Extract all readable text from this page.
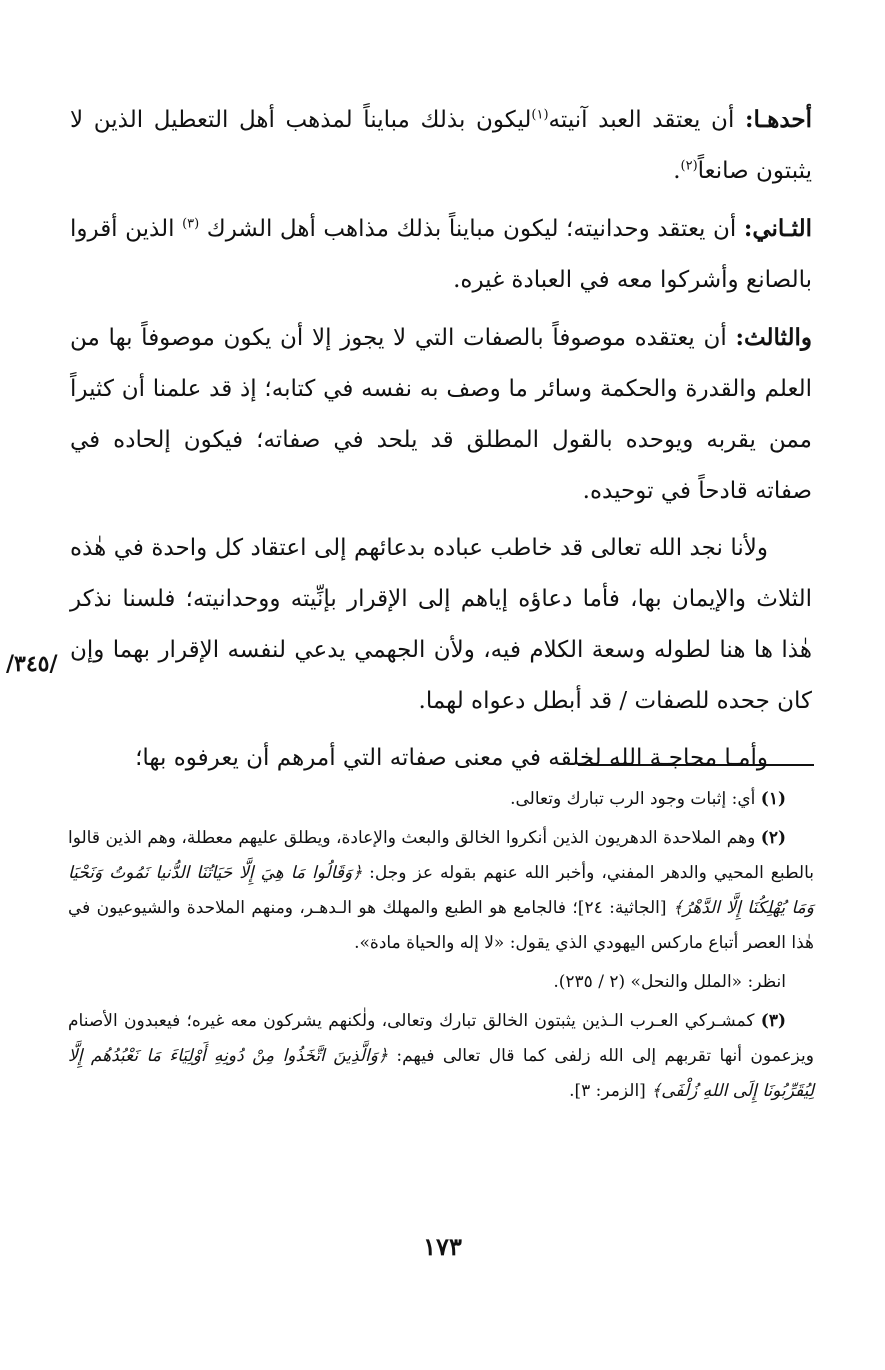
أحدهـا: أن يعتقد العبد آنيته$^{(١)}$ليكون بذلك مبايناً لمذهب أهل التعطيل الذين لا يثبتون صانعاً$^{(٢)}$.

الثـاني: أن يعتقد وحدانيته؛ ليكون مبايناً بذلك مذاهب أهل الشرك $^{(٣)}$ الذين أقروا بالصانع وأشركوا معه في العبادة غيره.

والثالث: أن يعتقده موصوفاً بالصفات التي لا يجوز إلا أن يكون موصوفاً بها من العلم والقدرة والحكمة وسائر ما وصف به نفسه في كتابه؛ إذ قد علمنا أن كثيراً ممن يقربه ويوحده بالقول المطلق قد يلحد في صفاته؛ فيكون إلحاده في صفاته قادحاً في توحيده.

ولأنا نجد الله تعالى قد خاطب عباده بدعائهم إلى اعتقاد كل واحدة في هٰذه الثلاث والإيمان بها، فأما دعاؤه إياهم إلى الإقرار بإنِّيته ووحدانيته؛ فلسنا نذكر هٰذا ها هنا لطوله وسعة الكلام فيه، ولأن الجهمي يدعي لنفسه الإقرار بهما وإن كان جحده للصفات / قد أبطل دعواه لهما.

وأمـا محاجـة الله لخلقه في معنى صفاته التي أمرهم أن يعرفوه بها؛

/٣٤٥/

(١) أي: إثبات وجود الرب تبارك وتعالى.

(٢) وهم الملاحدة الدهريون الذين أنكروا الخالق والبعث والإعادة، ويطلق عليهم معطلة، وهم الذين قالوا بالطبع المحيي والدهر المفني، وأخبر الله عنهم بقوله عز وجل: ﴿وَقَالُوا مَا هِيَ إِلَّا حَيَاتُنَا الدُّنيا نَمُوتُ وَنَحْيَا وَمَا يُهْلِكُنَا إِلَّا الدَّهْرُ﴾ [الجاثية: ٢٤]؛ فالجامع هو الطبع والمهلك هو الـدهـر، ومنهم الملاحدة والشيوعيون في هٰذا العصر أتباع ماركس اليهودي الذي يقول: «لا إله والحياة مادة».

انظر: «الملل والنحل» (٢ / ٢٣٥).

(٣) كمشـركي العـرب الـذين يثبتون الخالق تبارك وتعالى، ولٰكنهم يشركون معه غيره؛ فيعبدون الأصنام ويزعمون أنها تقربهم إلى الله زلفى كما قال تعالى فيهم: ﴿وَالَّذِينَ اتَّخَذُوا مِنْ دُونِهِ أَوْلِيَاءَ مَا نَعْبُدُهُم إِلَّا لِيُقَرِّبُونَا إِلَى اللهِ زُلْفَى﴾ [الزمر: ٣].

١٧٣
